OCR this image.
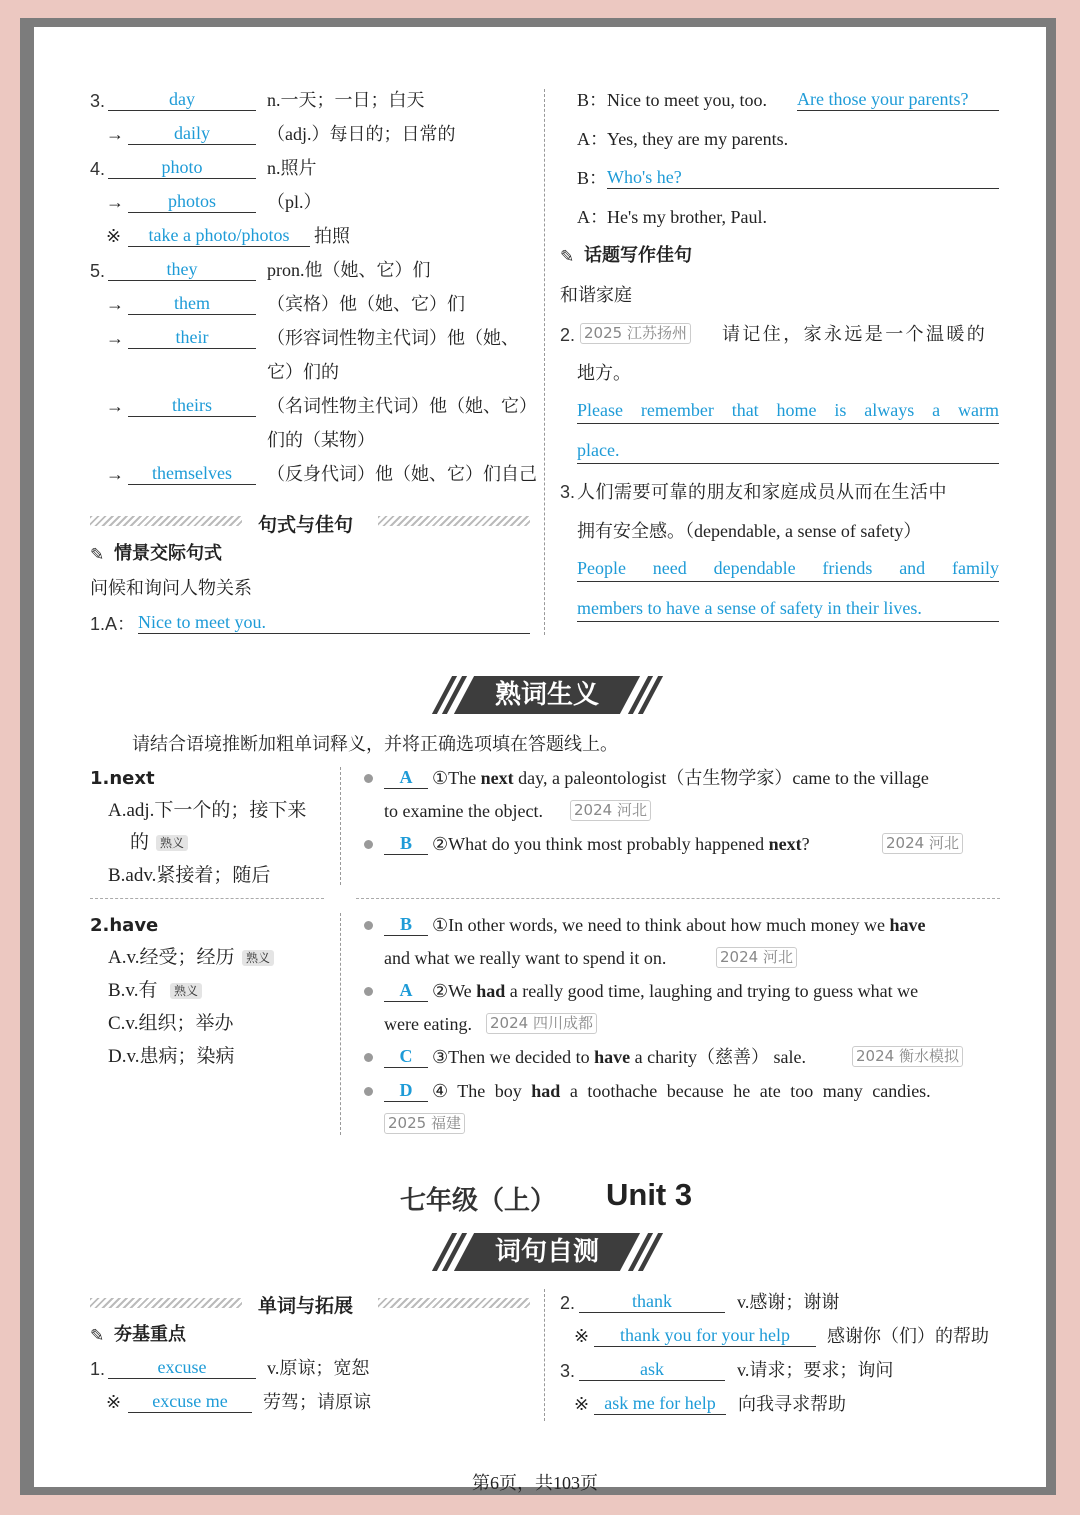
3.	day	n.一天；一日；白天
→	daily	（adj.）每日的；日常的
4.	photo	n.照片
→	photos	（pl.）
※	take a photo/photos	拍照
5.	they	pron.他（她、它）们
→	them	（宾格）他（她、它）们
→	their	（形容词性物主代词）他（她、
它）们的
→	theirs	（名词性物主代词）他（她、它）
们的（某物）
→	themselves	（反身代词）他（她、它）们自己
句式与佳句
✎ 情景交际句式
问候和询问人物关系
1.A： Nice to meet you.
B： Nice to meet you, too. Are those your parents?
A： Yes, they are my parents.
B： Who's he?
A： He's my brother, Paul.
✎ 话题写作佳句
和谐家庭
2. 2025 江苏扬州 请记住，家永远是一个温暖的
地方。
Please remember that home is always a warm
place.
3. 人们需要可靠的朋友和家庭成员从而在生活中
拥有安全感。（dependable, a sense of safety）
People need dependable friends and family
members to have a sense of safety in their lives.
熟词生义
请结合语境推断加粗单词释义，并将正确选项填在答题线上。
1.next
A.adj.下一个的；接下来
的 熟义
B.adv.紧接着；随后
A	①The next day, a paleontologist（古生物学家）came to the village
to examine the object. 2024 河北
B	②What do you think most probably happened next?	2024 河北
2.have
A.v.经受；经历 熟义
B.v.有	熟义
C.v.组织；举办
D.v.患病；染病
B	①In other words, we need to think about how much money we have
and what we really want to spend it on.	2024 河北
A	②We had a really good time, laughing and trying to guess what we
were eating. 2024 四川成都
C	③Then we decided to have a charity（慈善） sale.	2024 衡水模拟
D	④ The boy had a toothache because he ate too many candies.
2025 福建
七年级（上） Unit 3
词句自测
单词与拓展
✎ 夯基重点
1.	excuse	v.原谅；宽恕
※	excuse me	劳驾；请原谅
2.	thank	v.感谢；谢谢
※	thank you for your help	感谢你（们）的帮助
3.	ask	v.请求；要求；询问
※ ask me for help	向我寻求帮助
第6页，共103页
